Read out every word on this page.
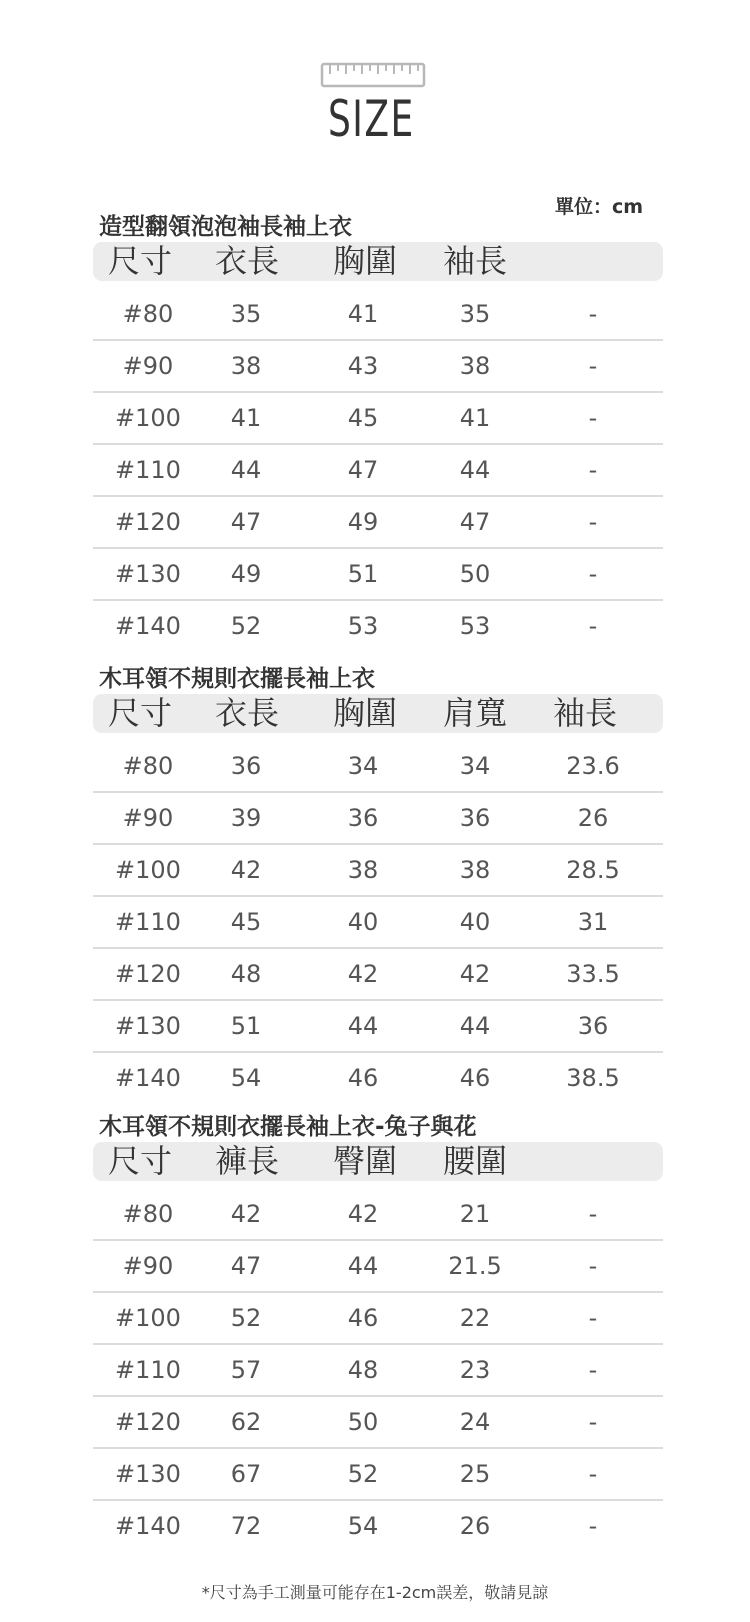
SIZE
單位：cm
造型翻領泡泡袖長袖上衣
尺寸 衣長 胸圍 袖長
#80	35	41	35	-
#90	38	43	38	-
#100	41	45	41	-
#110	44	47	44	-
#120	47	49	47	-
#130	49	51	50	-
#140	52	53	53	-
木耳領不規則衣擺長袖上衣
尺寸 衣長 胸圍 肩寬 袖長
#80	36	34	34	23.6
#90	39	36	36	26
#100	42	38	38	28.5
#110	45	40	40	31
#120	48	42	42	33.5
#130	51	44	44	36
#140	54	46	46	38.5
木耳領不規則衣擺長袖上衣-兔子與花
尺寸 褲長 臀圍 腰圍
#80	42	42	21	-
#90	47	44	21.5	-
#100	52	46	22	-
#110	57	48	23	-
#120	62	50	24	-
#130	67	52	25	-
#140	72	54	26	-
*尺寸為手工測量可能存在1-2cm誤差，敬請見諒
